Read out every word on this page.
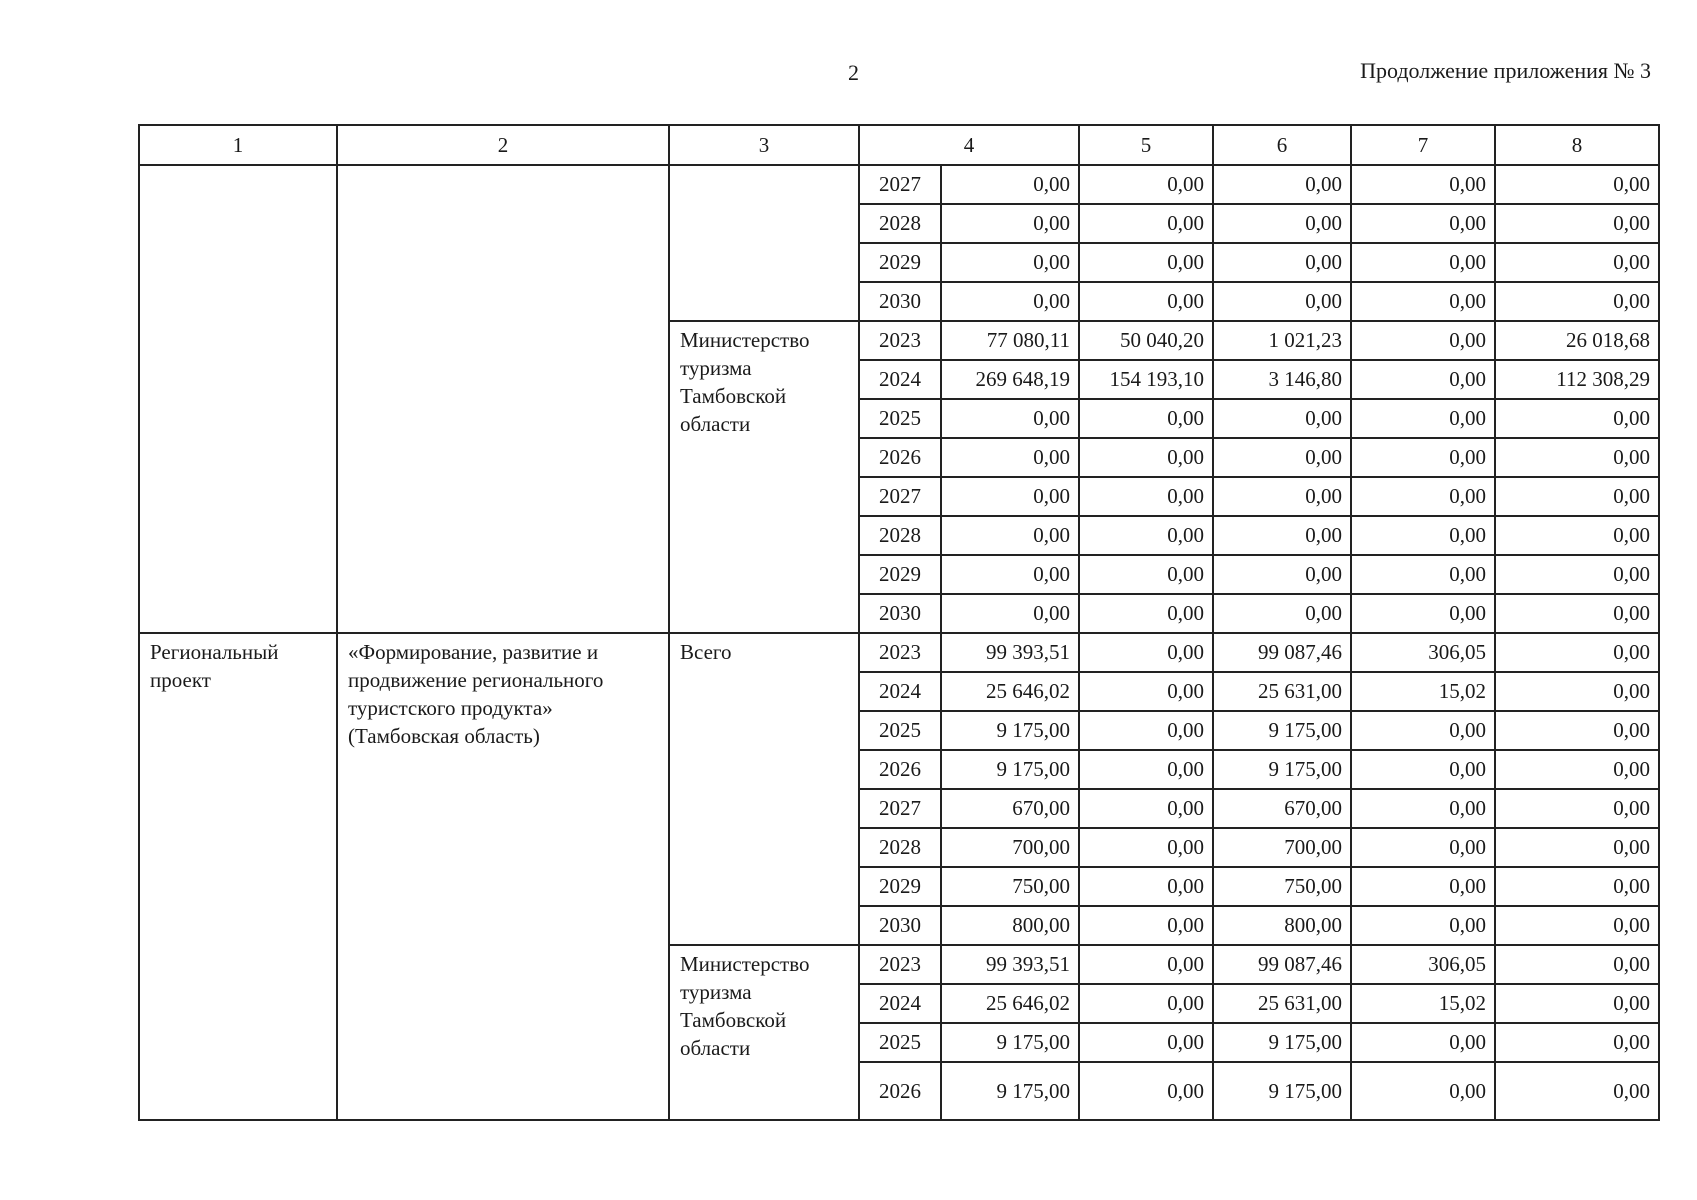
2	Продолжение приложения № 3
1	2	3	4		5	6	7	8
			2027	0,00	0,00	0,00	0,00	0,00
			2028	0,00	0,00	0,00	0,00	0,00
			2029	0,00	0,00	0,00	0,00	0,00
			2030	0,00	0,00	0,00	0,00	0,00
		Министерство туризма Тамбовской области	2023	77 080,11	50 040,20	1 021,23	0,00	26 018,68
			2024	269 648,19	154 193,10	3 146,80	0,00	112 308,29
			2025	0,00	0,00	0,00	0,00	0,00
			2026	0,00	0,00	0,00	0,00	0,00
			2027	0,00	0,00	0,00	0,00	0,00
			2028	0,00	0,00	0,00	0,00	0,00
			2029	0,00	0,00	0,00	0,00	0,00
			2030	0,00	0,00	0,00	0,00	0,00
Региональный проект	«Формирование, развитие и продвижение регионального туристского продукта» (Тамбовская область)	Всего	2023	99 393,51	0,00	99 087,46	306,05	0,00
			2024	25 646,02	0,00	25 631,00	15,02	0,00
			2025	9 175,00	0,00	9 175,00	0,00	0,00
			2026	9 175,00	0,00	9 175,00	0,00	0,00
			2027	670,00	0,00	670,00	0,00	0,00
			2028	700,00	0,00	700,00	0,00	0,00
			2029	750,00	0,00	750,00	0,00	0,00
			2030	800,00	0,00	800,00	0,00	0,00
		Министерство туризма Тамбовской области	2023	99 393,51	0,00	99 087,46	306,05	0,00
			2024	25 646,02	0,00	25 631,00	15,02	0,00
			2025	9 175,00	0,00	9 175,00	0,00	0,00
			2026	9 175,00	0,00	9 175,00	0,00	0,00
